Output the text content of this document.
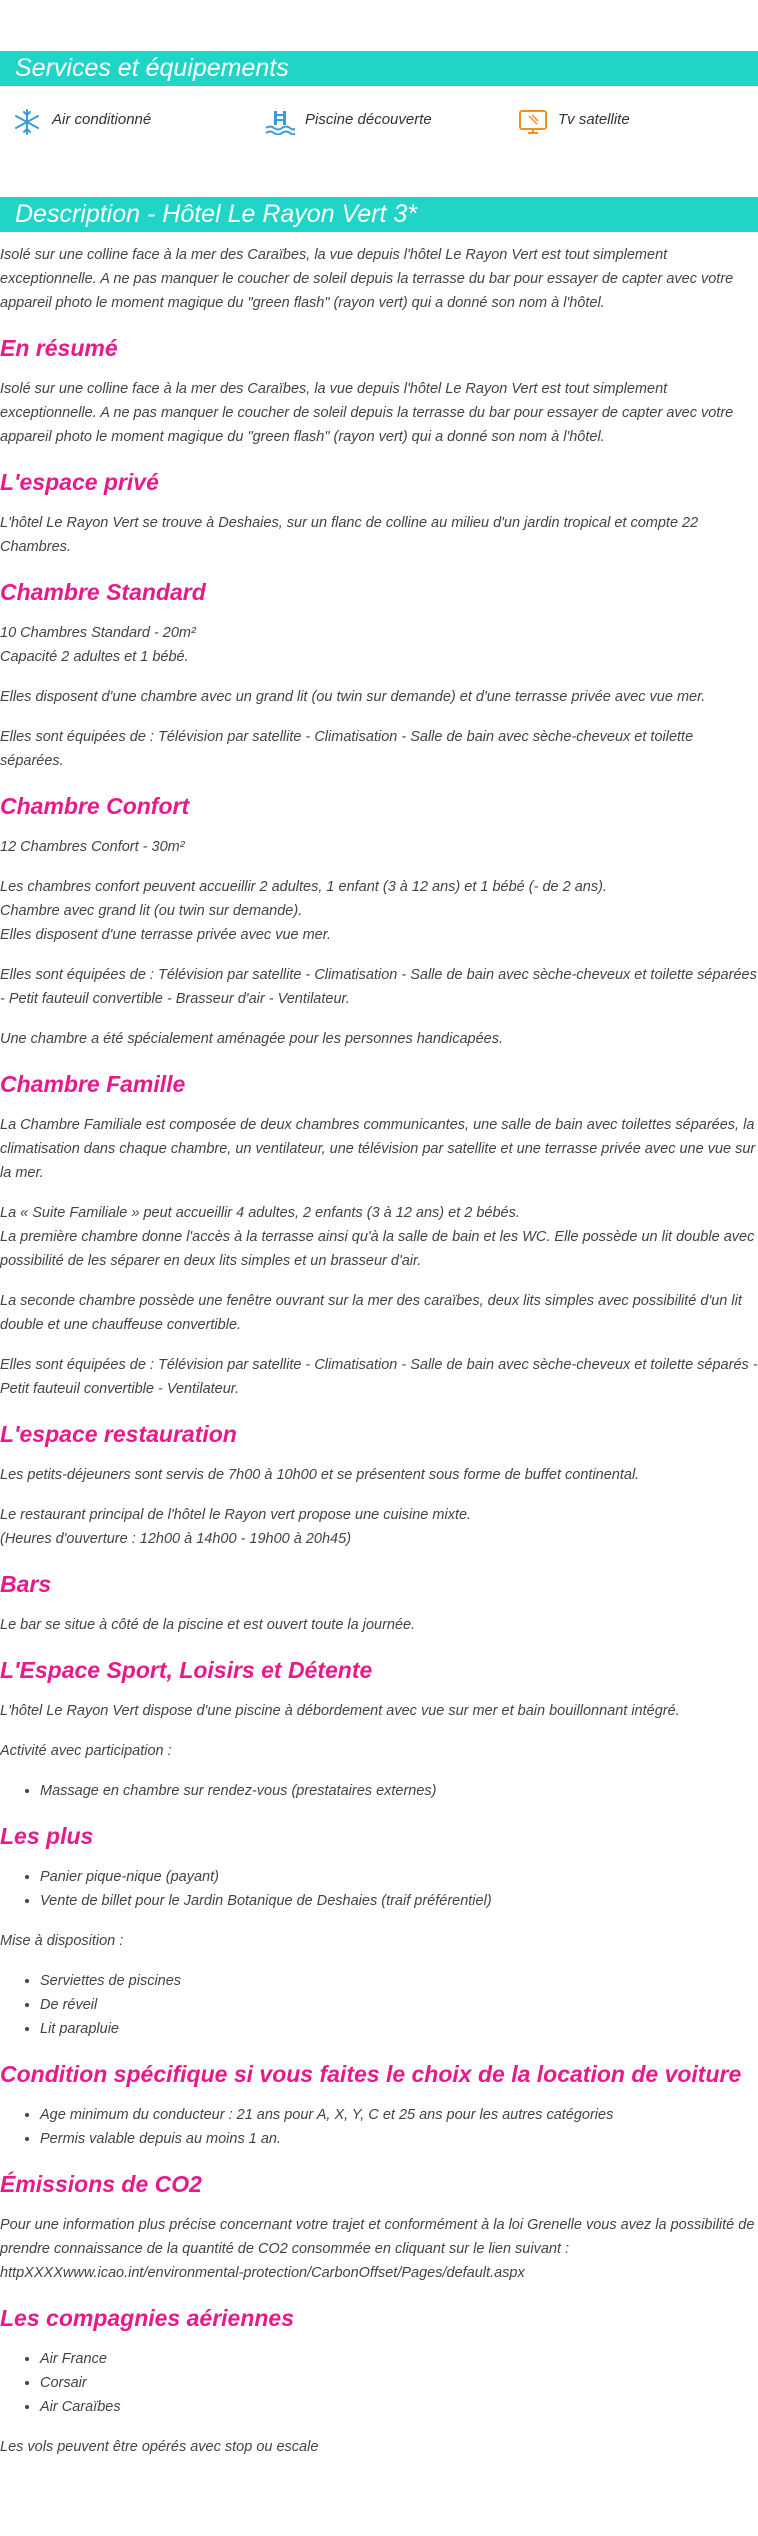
Services et équipements
Air conditionné	Piscine découverte	Tv satellite
Description - Hôtel Le Rayon Vert 3*

Isolé sur une colline face à la mer des Caraïbes, la vue depuis l'hôtel Le Rayon Vert est tout simplement exceptionnelle. A ne pas manquer le coucher de soleil depuis la terrasse du bar pour essayer de capter avec votre appareil photo le moment magique du "green flash" (rayon vert) qui a donné son nom à l'hôtel.

En résumé

Isolé sur une colline face à la mer des Caraïbes, la vue depuis l'hôtel Le Rayon Vert est tout simplement exceptionnelle. A ne pas manquer le coucher de soleil depuis la terrasse du bar pour essayer de capter avec votre appareil photo le moment magique du "green flash" (rayon vert) qui a donné son nom à l'hôtel.

L'espace privé

L'hôtel Le Rayon Vert se trouve à Deshaies, sur un flanc de colline au milieu d'un jardin tropical et compte 22 Chambres.

Chambre Standard

10 Chambres Standard - 20m²
Capacité 2 adultes et 1 bébé.

Elles disposent d'une chambre avec un grand lit (ou twin sur demande) et d'une terrasse privée avec vue mer.

Elles sont équipées de : Télévision par satellite - Climatisation - Salle de bain avec sèche-cheveux et toilette séparées.

Chambre Confort

12 Chambres Confort - 30m²

Les chambres confort peuvent accueillir 2 adultes, 1 enfant (3 à 12 ans) et 1 bébé (- de 2 ans).
Chambre avec grand lit (ou twin sur demande).
Elles disposent d'une terrasse privée avec vue mer.

Elles sont équipées de : Télévision par satellite - Climatisation - Salle de bain avec sèche-cheveux et toilette séparées - Petit fauteuil convertible - Brasseur d'air - Ventilateur.

Une chambre a été spécialement aménagée pour les personnes handicapées.

Chambre Famille

La Chambre Familiale est composée de deux chambres communicantes, une salle de bain avec toilettes séparées, la climatisation dans chaque chambre, un ventilateur, une télévision par satellite et une terrasse privée avec une vue sur la mer.

La « Suite Familiale » peut accueillir 4 adultes, 2 enfants (3 à 12 ans) et 2 bébés.
La première chambre donne l'accès à la terrasse ainsi qu'à la salle de bain et les WC. Elle possède un lit double avec possibilité de les séparer en deux lits simples et un brasseur d'air.

La seconde chambre possède une fenêtre ouvrant sur la mer des caraïbes, deux lits simples avec possibilité d'un lit double et une chauffeuse convertible.

Elles sont équipées de : Télévision par satellite - Climatisation - Salle de bain avec sèche-cheveux et toilette séparés - Petit fauteuil convertible - Ventilateur.

L'espace restauration

Les petits-déjeuners sont servis de 7h00 à 10h00 et se présentent sous forme de buffet continental.

Le restaurant principal de l'hôtel le Rayon vert propose une cuisine mixte.
(Heures d'ouverture : 12h00 à 14h00 - 19h00 à 20h45)

Bars

Le bar se situe à côté de la piscine et est ouvert toute la journée.

L'Espace Sport, Loisirs et Détente

L'hôtel Le Rayon Vert dispose d'une piscine à débordement avec vue sur mer et bain bouillonnant intégré.

Activité avec participation :

• Massage en chambre sur rendez-vous (prestataires externes)
Les plus
• Panier pique-nique (payant)
• Vente de billet pour le Jardin Botanique de Deshaies (traif préférentiel)

Mise à disposition :

• Serviettes de piscines
• De réveil
• Lit parapluie
Condition spécifique si vous faites le choix de la location de voiture
• Age minimum du conducteur : 21 ans pour A, X, Y, C et 25 ans pour les autres catégories
• Permis valable depuis au moins 1 an.
Émissions de CO2

Pour une information plus précise concernant votre trajet et conformément à la loi Grenelle vous avez la possibilité de prendre connaissance de la quantité de CO2 consommée en cliquant sur le lien suivant : httpXXXXwww.icao.int/environmental-protection/CarbonOffset/Pages/default.aspx

Les compagnies aériennes
• Air France
• Corsair
• Air Caraïbes

Les vols peuvent être opérés avec stop ou escale
